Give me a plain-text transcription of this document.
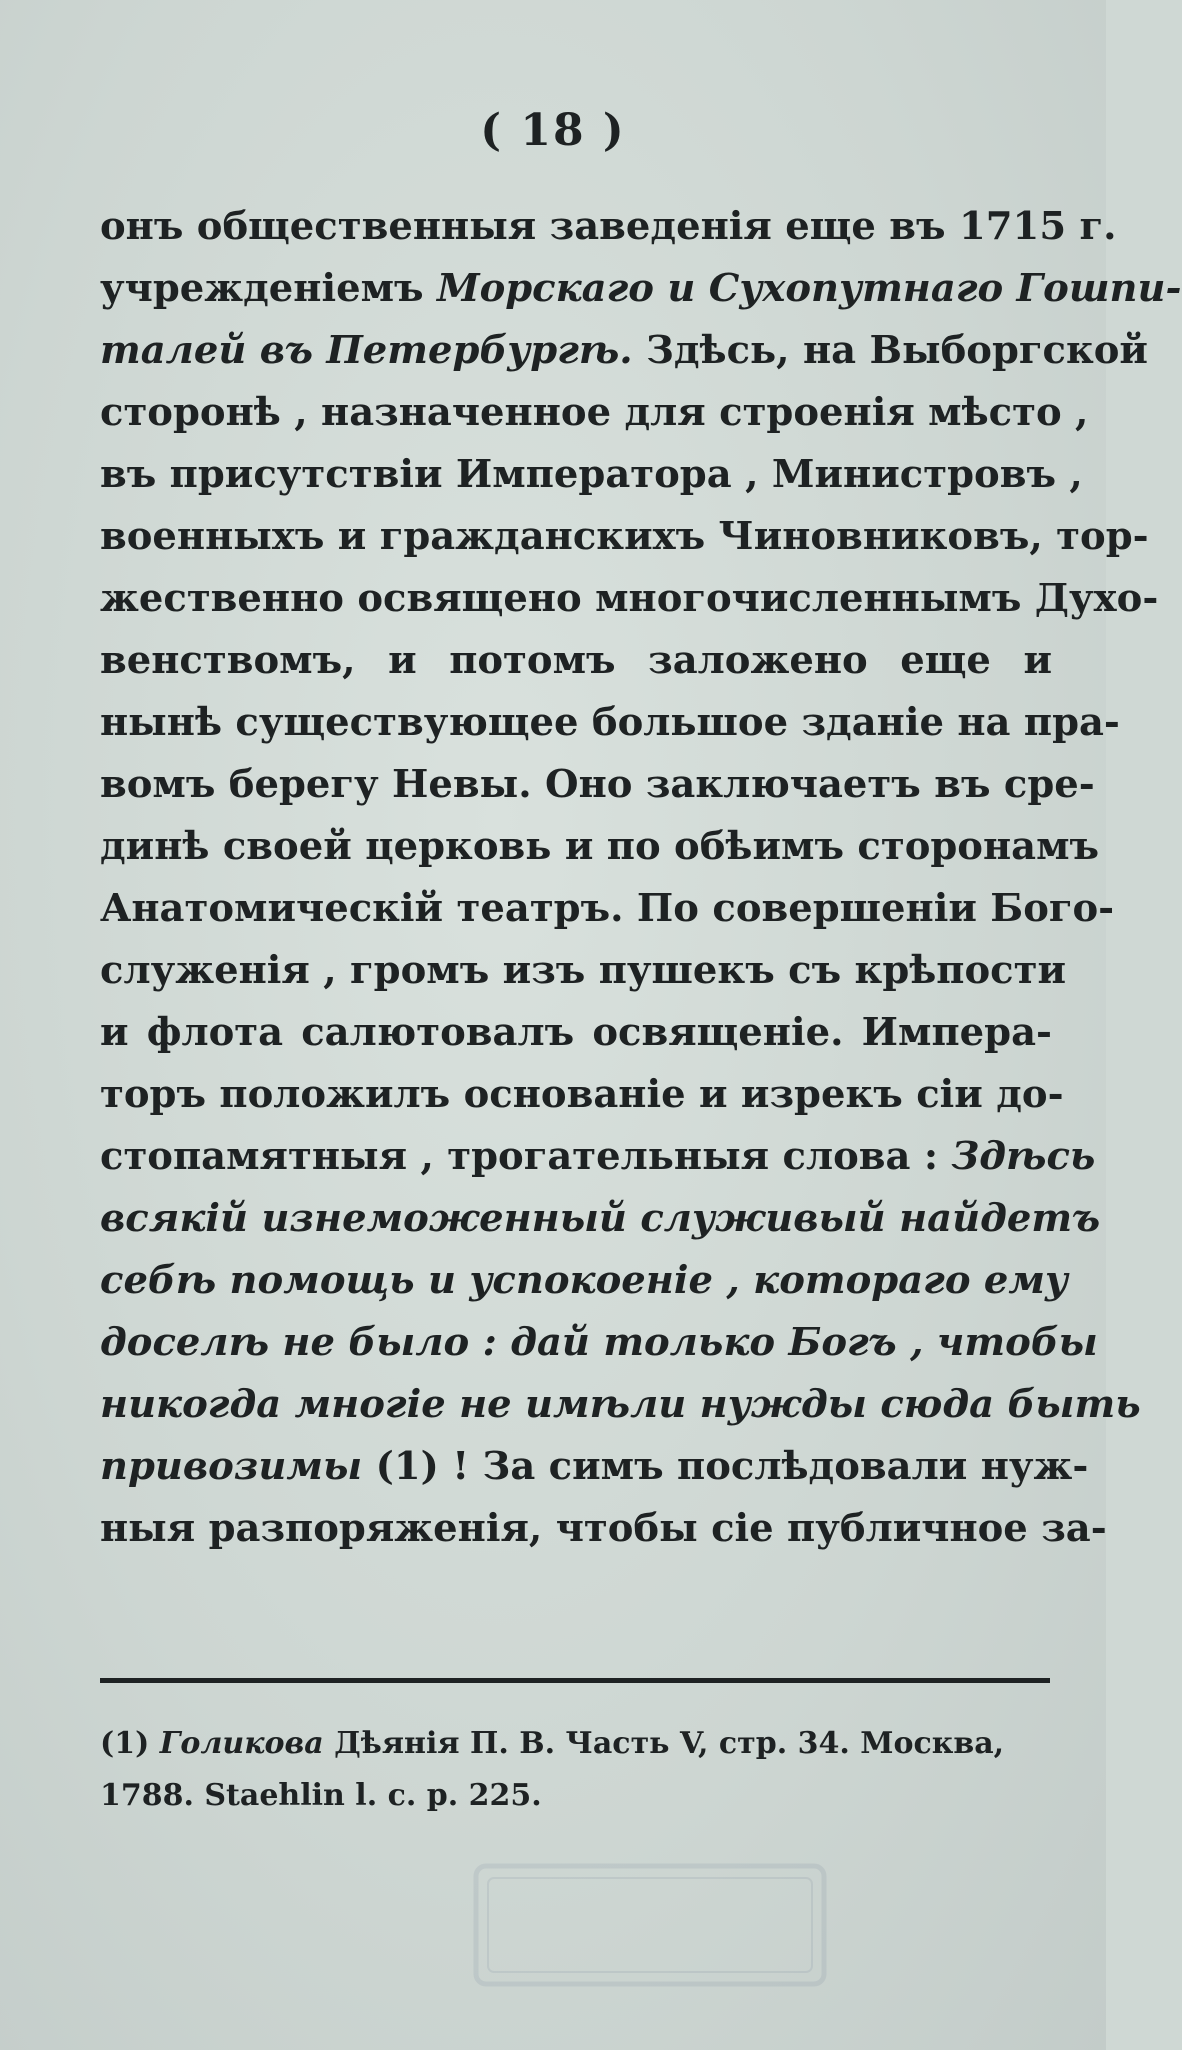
( 18 )
онъ общественныя заведенія еще въ 1715 г.
учрежденіемъ Морскаго и Сухопутнаго Гошпи-
талей въ Петербургѣ. Здѣсь, на Выборгской
сторонѣ , назначенное для строенія мѣсто ,
въ присутствіи Императора , Министровъ ,
военныхъ и гражданскихъ Чиновниковъ, тор-
жественно освящено многочисленнымъ Духо-
венствомъ, и потомъ заложено еще и
нынѣ существующее большое зданіе на пра-
вомъ берегу Невы. Оно заключаетъ въ сре-
динѣ своей церковь и по обѣимъ сторонамъ
Анатомическій театръ. По совершеніи Бого-
служенія , громъ изъ пушекъ съ крѣпости
и флота салютовалъ освященіе. Импера-
торъ положилъ основаніе и изрекъ сіи до-
стопамятныя , трогательныя слова : Здѣсь
всякій изнеможенный служивый найдетъ
себѣ помощь и успокоеніе , котораго ему
доселѣ не было : дай только Богъ , чтобы
никогда многіе не имѣли нужды сюда быть
привозимы (1) ! За симъ послѣдовали нуж-
ныя разпоряженія, чтобы сіе публичное за-
(1) Голикова Дѣянія П. В. Часть V, стр. 34. Москва,
1788. Staehlin l. c. p. 225.
